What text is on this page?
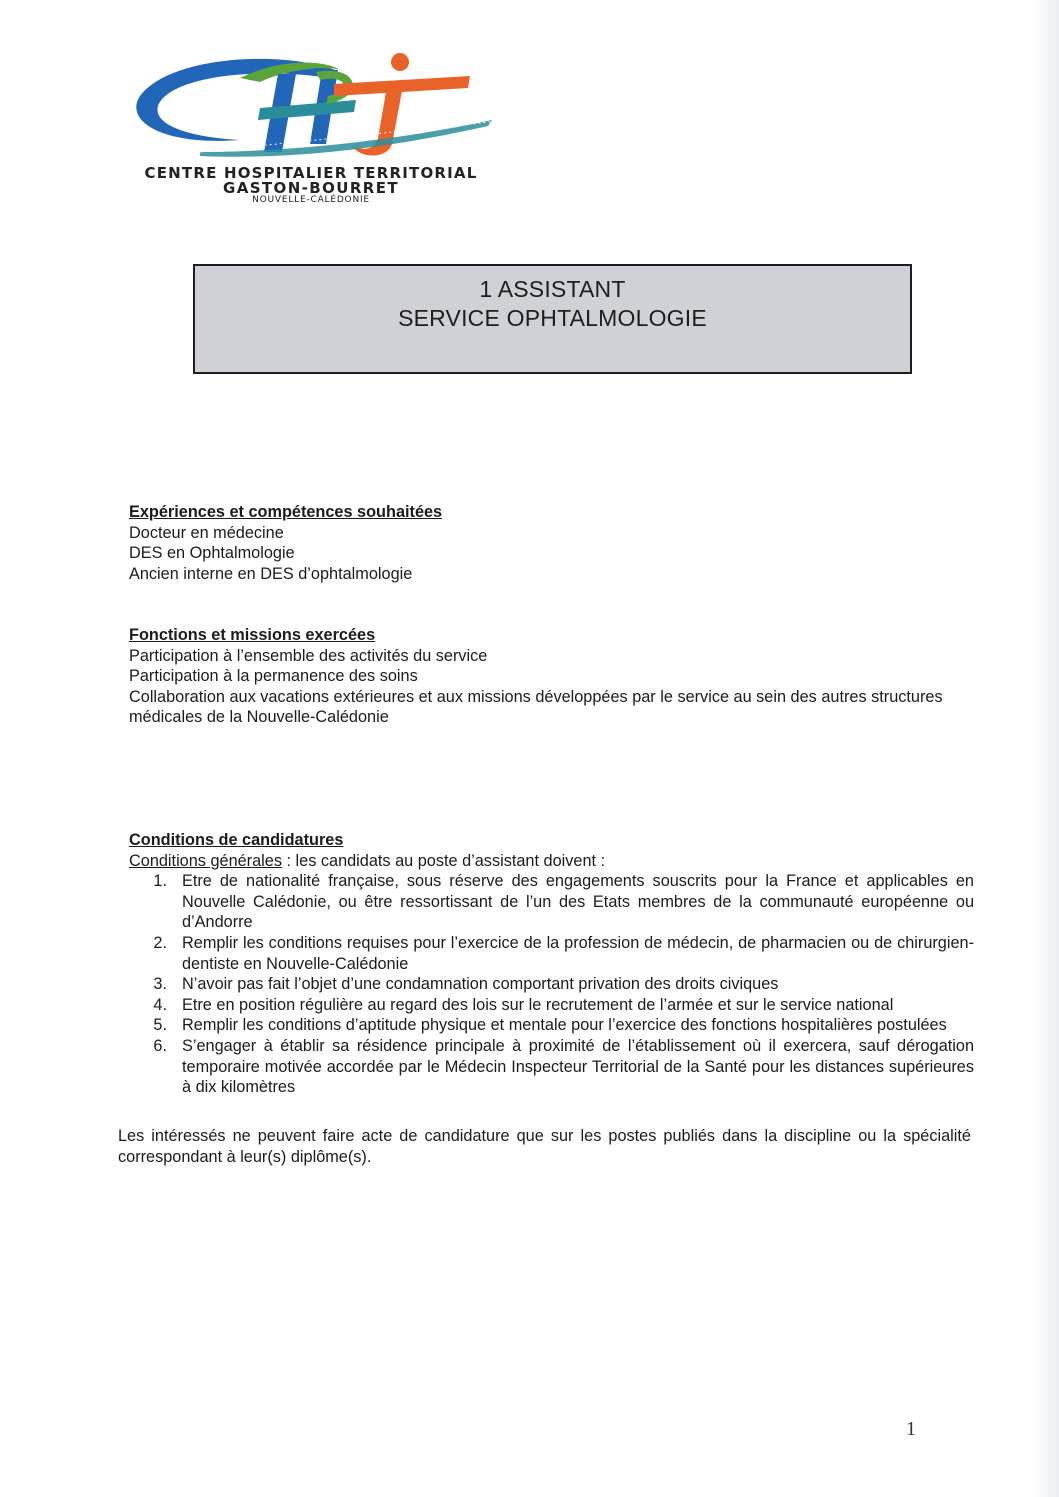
CENTRE HOSPITALIER TERRITORIAL
GASTON-BOURRET
NOUVELLE-CALÉDONIE
1 ASSISTANT
SERVICE OPHTALMOLOGIE
Expériences et compétences souhaitées
Docteur en médecine
DES en Ophtalmologie
Ancien interne en DES d’ophtalmologie
Fonctions et missions exercées
Participation à l’ensemble des activités du service
Participation à la permanence des soins
Collaboration aux vacations extérieures et aux missions développées par le service au sein des autres structures médicales de la Nouvelle-Calédonie
Conditions de candidatures
Conditions générales : les candidats au poste d’assistant doivent :
1. Etre de nationalité française, sous réserve des engagements souscrits pour la France et applicables en Nouvelle Calédonie, ou être ressortissant de l’un des Etats membres de la communauté européenne ou d’Andorre
2. Remplir les conditions requises pour l’exercice de la profession de médecin, de pharmacien ou de chirurgien-dentiste en Nouvelle-Calédonie
3. N’avoir pas fait l’objet d’une condamnation comportant privation des droits civiques
4. Etre en position régulière au regard des lois sur le recrutement de l’armée et sur le service national
5. Remplir les conditions d’aptitude physique et mentale pour l’exercice des fonctions hospitalières postulées
6. S’engager à établir sa résidence principale à proximité de l’établissement où il exercera, sauf dérogation temporaire motivée accordée par le Médecin Inspecteur Territorial de la Santé pour les distances supérieures à dix kilomètres
Les intéressés ne peuvent faire acte de candidature que sur les postes publiés dans la discipline ou la spécialité correspondant à leur(s) diplôme(s).
1
